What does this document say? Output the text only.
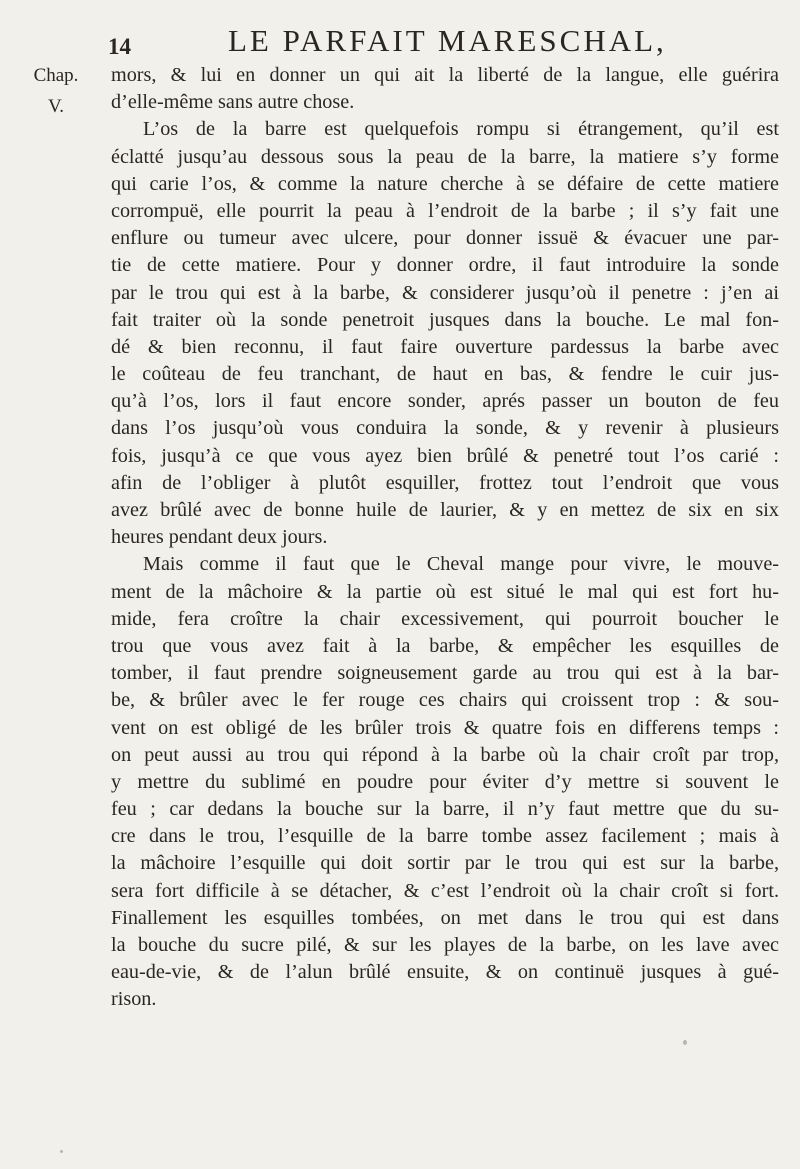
14	LE PARFAIT MARESCHAL,
Chap.
V.
mors, & lui en donner un qui ait la liberté de la langue, elle guérira
d’elle-même sans autre chose.
L’os de la barre est quelquefois rompu si étrangement, qu’il est
éclatté jusqu’au dessous sous la peau de la barre, la matiere s’y forme
qui carie l’os, & comme la nature cherche à se défaire de cette matiere
corrompuë, elle pourrit la peau à l’endroit de la barbe ; il s’y fait une
enflure ou tumeur avec ulcere, pour donner issuë & évacuer une par-
tie de cette matiere. Pour y donner ordre, il faut introduire la sonde
par le trou qui est à la barbe, & considerer jusqu’où il penetre : j’en ai
fait traiter où la sonde penetroit jusques dans la bouche. Le mal fon-
dé & bien reconnu, il faut faire ouverture pardessus la barbe avec
le coûteau de feu tranchant, de haut en bas, & fendre le cuir jus-
qu’à l’os, lors il faut encore sonder, aprés passer un bouton de feu
dans l’os jusqu’où vous conduira la sonde, & y revenir à plusieurs
fois, jusqu’à ce que vous ayez bien brûlé & penetré tout l’os carié :
afin de l’obliger à plutôt esquiller, frottez tout l’endroit que vous
avez brûlé avec de bonne huile de laurier, & y en mettez de six en six
heures pendant deux jours.
Mais comme il faut que le Cheval mange pour vivre, le mouve-
ment de la mâchoire & la partie où est situé le mal qui est fort hu-
mide, fera croître la chair excessivement, qui pourroit boucher le
trou que vous avez fait à la barbe, & empêcher les esquilles de
tomber, il faut prendre soigneusement garde au trou qui est à la bar-
be, & brûler avec le fer rouge ces chairs qui croissent trop : & sou-
vent on est obligé de les brûler trois & quatre fois en differens temps :
on peut aussi au trou qui répond à la barbe où la chair croît par trop,
y mettre du sublimé en poudre pour éviter d’y mettre si souvent le
feu ; car dedans la bouche sur la barre, il n’y faut mettre que du su-
cre dans le trou, l’esquille de la barre tombe assez facilement ; mais à
la mâchoire l’esquille qui doit sortir par le trou qui est sur la barbe,
sera fort difficile à se détacher, & c’est l’endroit où la chair croît si fort.
Finallement les esquilles tombées, on met dans le trou qui est dans
la bouche du sucre pilé, & sur les playes de la barbe, on les lave avec
eau-de-vie, & de l’alun brûlé ensuite, & on continuë jusques à gué-
rison.
